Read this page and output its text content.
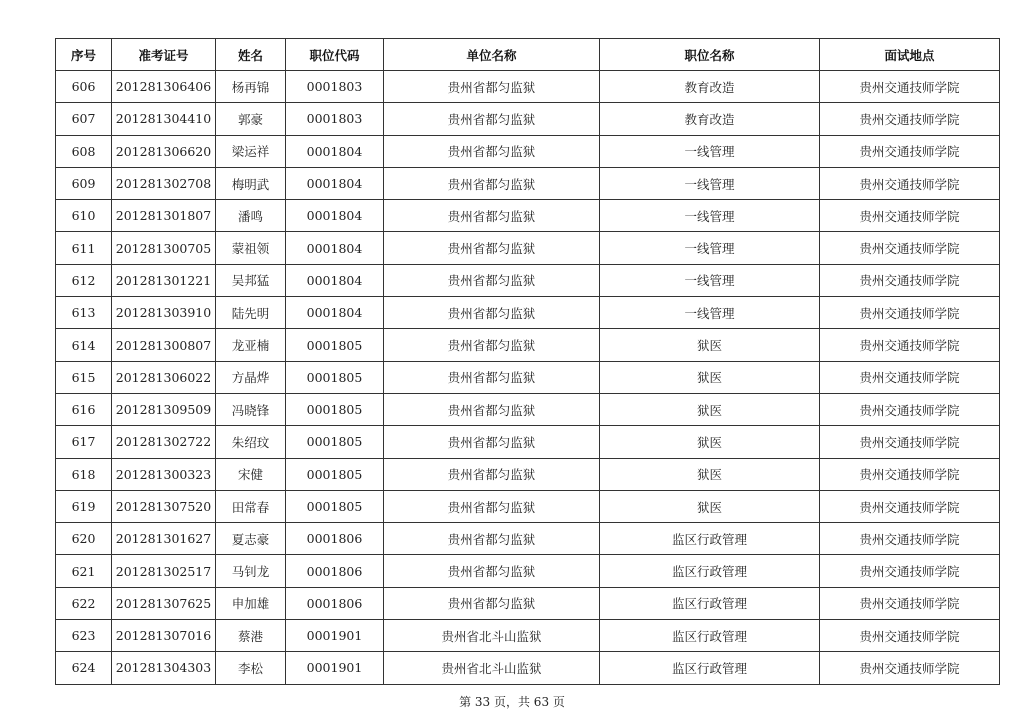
序号	准考证号	姓名	职位代码	单位名称	职位名称	面试地点
606	201281306406	杨再锦	0001803	贵州省都匀监狱	教育改造	贵州交通技师学院
607	201281304410	郭豪	0001803	贵州省都匀监狱	教育改造	贵州交通技师学院
608	201281306620	梁运祥	0001804	贵州省都匀监狱	一线管理	贵州交通技师学院
609	201281302708	梅明武	0001804	贵州省都匀监狱	一线管理	贵州交通技师学院
610	201281301807	潘鸣	0001804	贵州省都匀监狱	一线管理	贵州交通技师学院
611	201281300705	蒙祖领	0001804	贵州省都匀监狱	一线管理	贵州交通技师学院
612	201281301221	吴邦猛	0001804	贵州省都匀监狱	一线管理	贵州交通技师学院
613	201281303910	陆先明	0001804	贵州省都匀监狱	一线管理	贵州交通技师学院
614	201281300807	龙亚楠	0001805	贵州省都匀监狱	狱医	贵州交通技师学院
615	201281306022	方晶烨	0001805	贵州省都匀监狱	狱医	贵州交通技师学院
616	201281309509	冯晓锋	0001805	贵州省都匀监狱	狱医	贵州交通技师学院
617	201281302722	朱绍玟	0001805	贵州省都匀监狱	狱医	贵州交通技师学院
618	201281300323	宋健	0001805	贵州省都匀监狱	狱医	贵州交通技师学院
619	201281307520	田常春	0001805	贵州省都匀监狱	狱医	贵州交通技师学院
620	201281301627	夏志豪	0001806	贵州省都匀监狱	监区行政管理	贵州交通技师学院
621	201281302517	马钊龙	0001806	贵州省都匀监狱	监区行政管理	贵州交通技师学院
622	201281307625	申加雄	0001806	贵州省都匀监狱	监区行政管理	贵州交通技师学院
623	201281307016	蔡港	0001901	贵州省北斗山监狱	监区行政管理	贵州交通技师学院
624	201281304303	李松	0001901	贵州省北斗山监狱	监区行政管理	贵州交通技师学院
第 33 页，共 63 页
